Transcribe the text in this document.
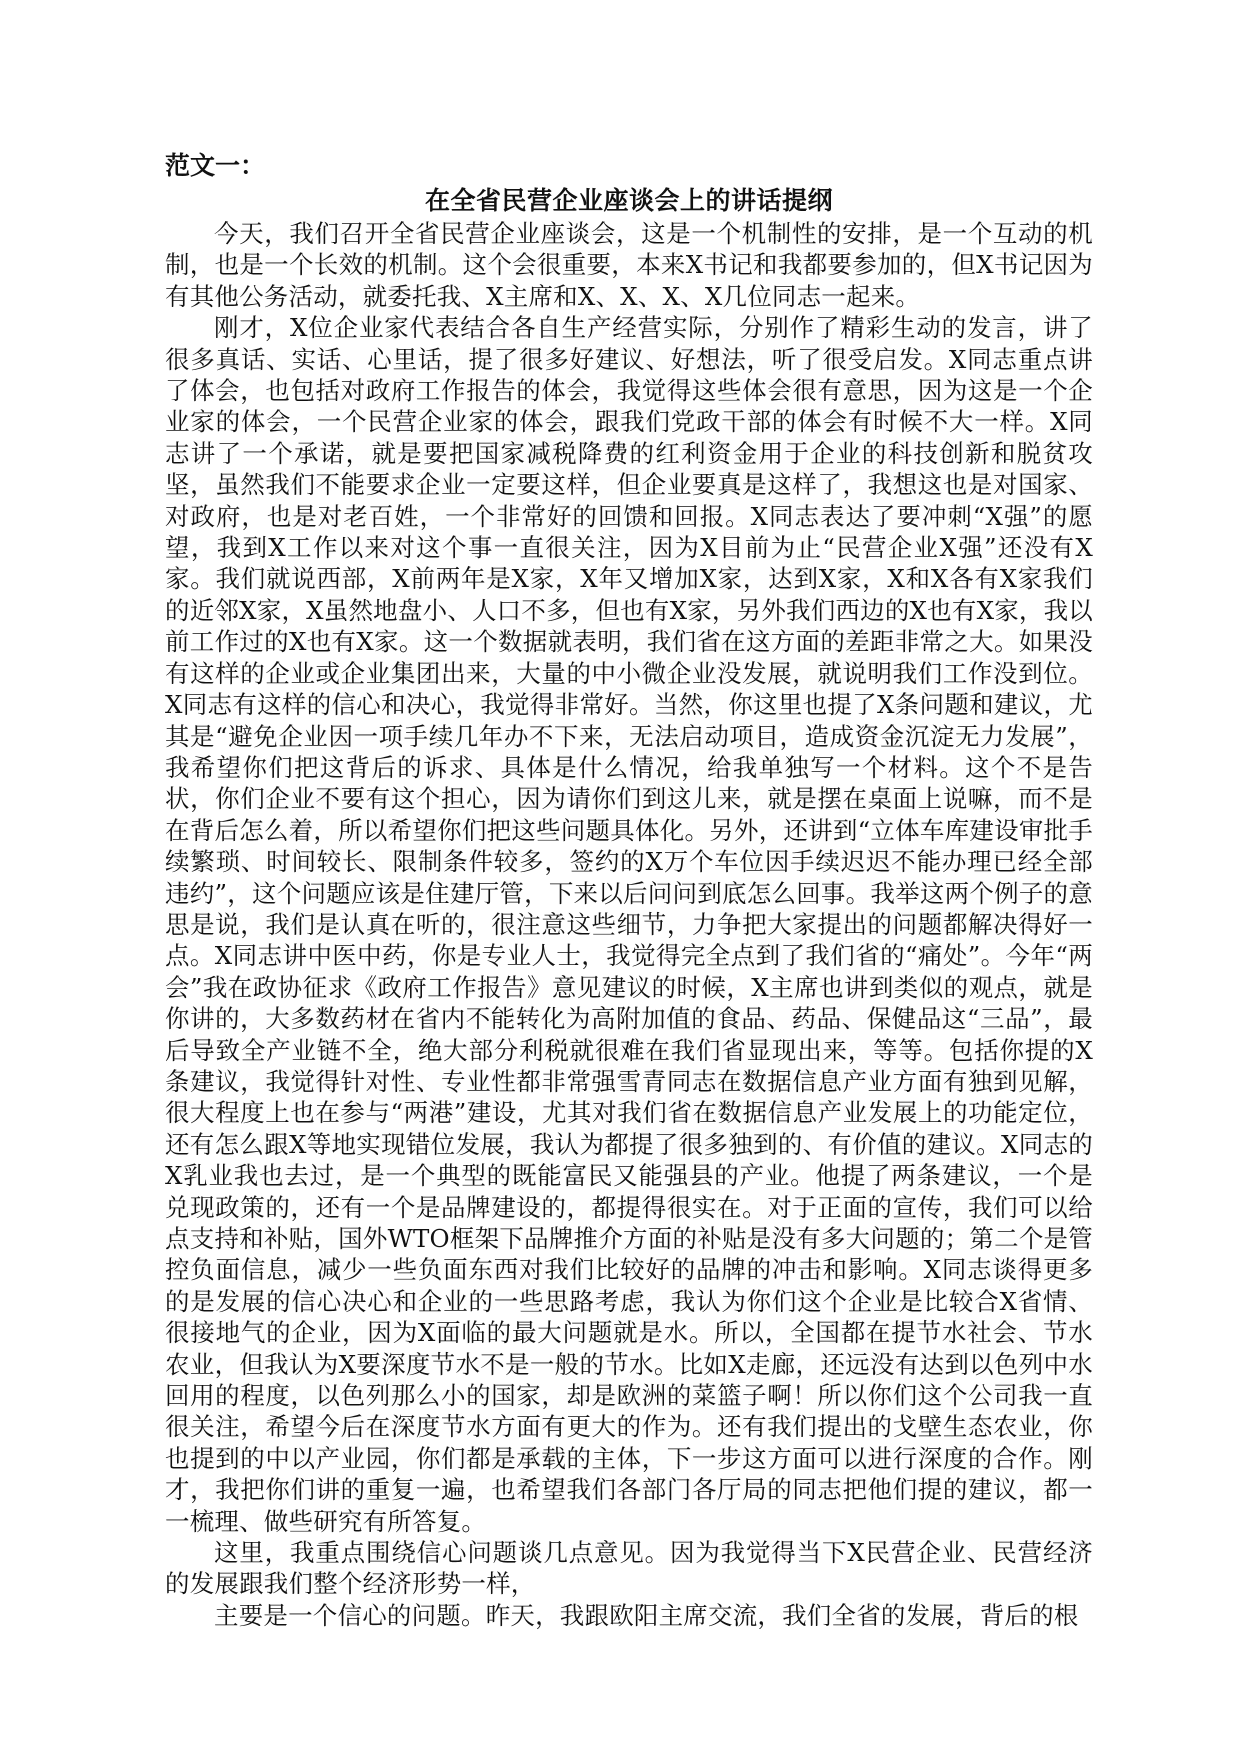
范文一：

在全省民营企业座谈会上的讲话提纲

今天，我们召开全省民营企业座谈会，这是一个机制性的安排，是一个互动的机制，也是一个长效的机制。这个会很重要，本来X书记和我都要参加的，但X书记因为有其他公务活动，就委托我、X主席和X、X、X、X几位同志一起来。

刚才，X位企业家代表结合各自生产经营实际，分别作了精彩生动的发言，讲了很多真话、实话、心里话，提了很多好建议、好想法，听了很受启发。X同志重点讲了体会，也包括对政府工作报告的体会，我觉得这些体会很有意思，因为这是一个企业家的体会，一个民营企业家的体会，跟我们党政干部的体会有时候不大一样。X同志讲了一个承诺，就是要把国家减税降费的红利资金用于企业的科技创新和脱贫攻坚，虽然我们不能要求企业一定要这样，但企业要真是这样了，我想这也是对国家、对政府，也是对老百姓，一个非常好的回馈和回报。X同志表达了要冲刺“X强”的愿望，我到X工作以来对这个事一直很关注，因为X目前为止“民营企业X强”还没有X家。我们就说西部，X前两年是X家，X年又增加X家，达到X家，X和X各有X家我们的近邻X家，X虽然地盘小、人口不多，但也有X家，另外我们西边的X也有X家，我以前工作过的X也有X家。这一个数据就表明，我们省在这方面的差距非常之大。如果没有这样的企业或企业集团出来，大量的中小微企业没发展，就说明我们工作没到位。X同志有这样的信心和决心，我觉得非常好。当然，你这里也提了X条问题和建议，尤其是“避免企业因一项手续几年办不下来，无法启动项目，造成资金沉淀无力发展”，我希望你们把这背后的诉求、具体是什么情况，给我单独写一个材料。这个不是告状，你们企业不要有这个担心，因为请你们到这儿来，就是摆在桌面上说嘛，而不是在背后怎么着，所以希望你们把这些问题具体化。另外，还讲到“立体车库建设审批手续繁琐、时间较长、限制条件较多，签约的X万个车位因手续迟迟不能办理已经全部违约”，这个问题应该是住建厅管，下来以后问问到底怎么回事。我举这两个例子的意思是说，我们是认真在听的，很注意这些细节，力争把大家提出的问题都解决得好一点。X同志讲中医中药，你是专业人士，我觉得完全点到了我们省的“痛处”。今年“两会”我在政协征求《政府工作报告》意见建议的时候，X主席也讲到类似的观点，就是你讲的，大多数药材在省内不能转化为高附加值的食品、药品、保健品这“三品”，最后导致全产业链不全，绝大部分利税就很难在我们省显现出来，等等。包括你提的X条建议，我觉得针对性、专业性都非常强雪青同志在数据信息产业方面有独到见解，很大程度上也在参与“两港”建设，尤其对我们省在数据信息产业发展上的功能定位，还有怎么跟X等地实现错位发展，我认为都提了很多独到的、有价值的建议。X同志的X乳业我也去过，是一个典型的既能富民又能强县的产业。他提了两条建议，一个是兑现政策的，还有一个是品牌建设的，都提得很实在。对于正面的宣传，我们可以给点支持和补贴，国外WTO框架下品牌推介方面的补贴是没有多大问题的；第二个是管控负面信息，减少一些负面东西对我们比较好的品牌的冲击和影响。X同志谈得更多的是发展的信心决心和企业的一些思路考虑，我认为你们这个企业是比较合X省情、很接地气的企业，因为X面临的最大问题就是水。所以，全国都在提节水社会、节水农业，但我认为X要深度节水不是一般的节水。比如X走廊，还远没有达到以色列中水回用的程度，以色列那么小的国家，却是欧洲的菜篮子啊！所以你们这个公司我一直很关注，希望今后在深度节水方面有更大的作为。还有我们提出的戈壁生态农业，你也提到的中以产业园，你们都是承载的主体，下一步这方面可以进行深度的合作。刚才，我把你们讲的重复一遍，也希望我们各部门各厅局的同志把他们提的建议，都一一梳理、做些研究有所答复。

这里，我重点围绕信心问题谈几点意见。因为我觉得当下X民营企业、民营经济的发展跟我们整个经济形势一样，

主要是一个信心的问题。昨天，我跟欧阳主席交流，我们全省的发展，背后的根
